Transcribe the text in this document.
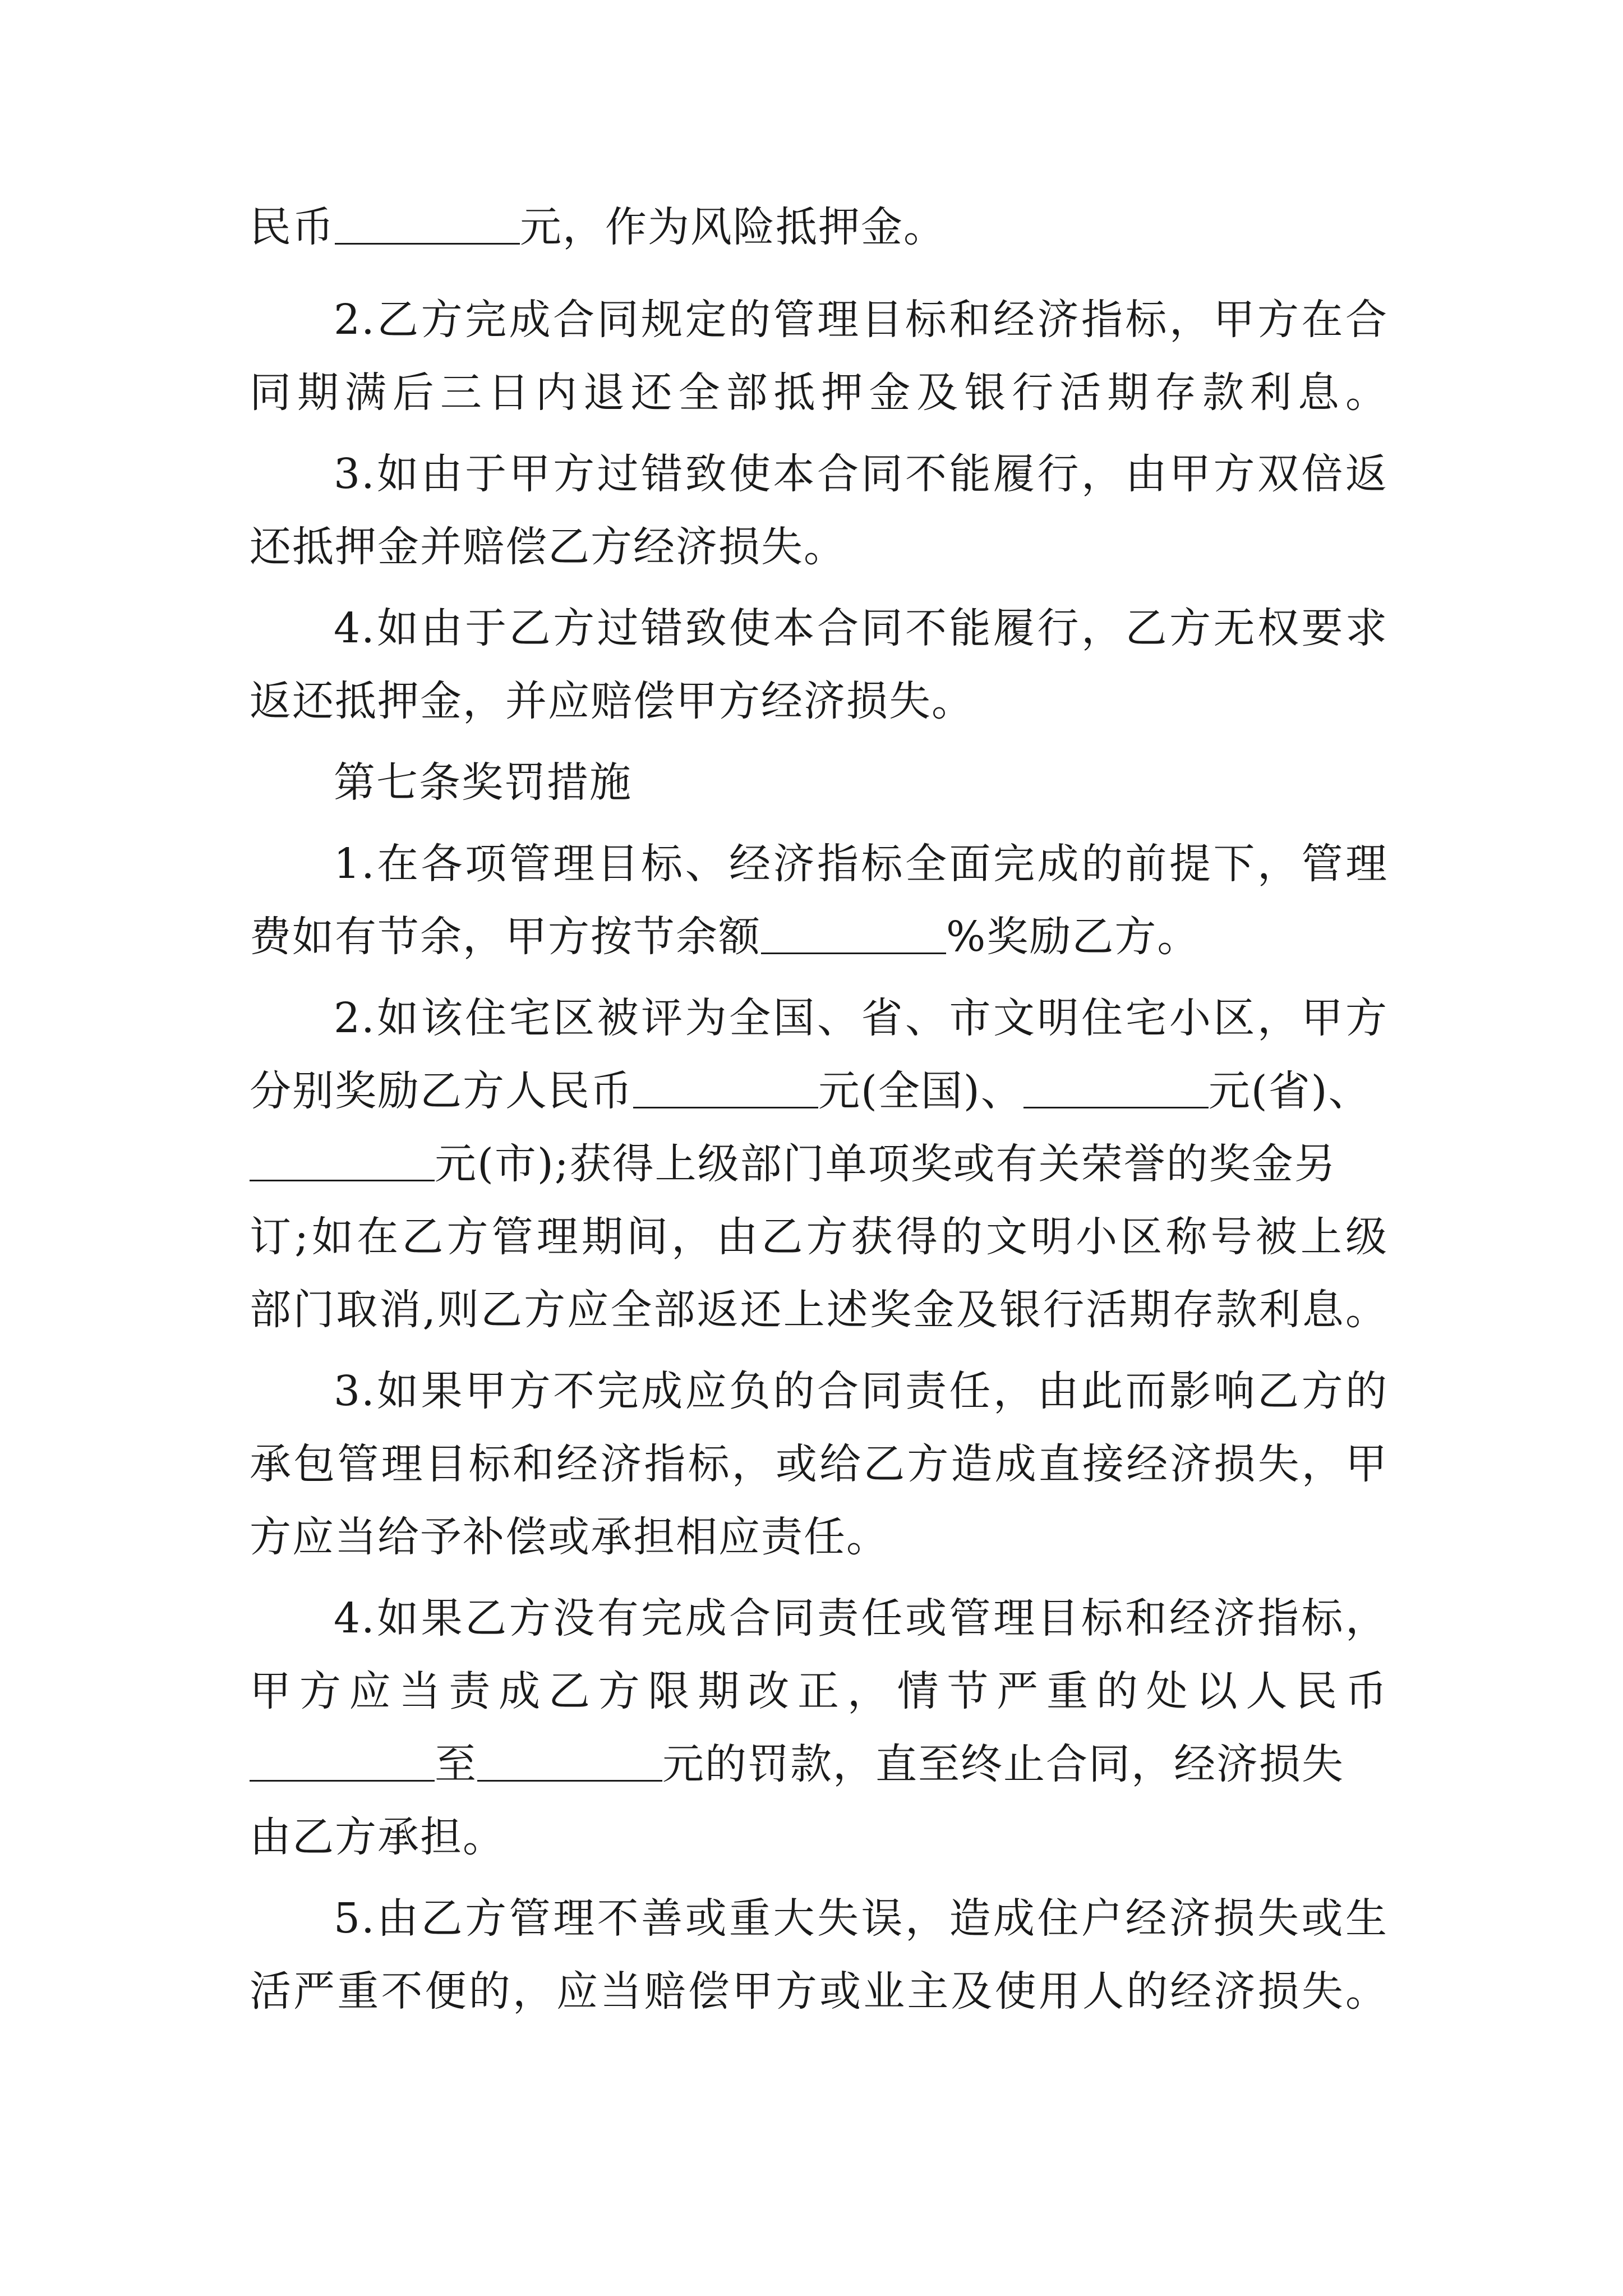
民币	元，作为风险抵押金。
2.乙方完成合同规定的管理目标和经济指标，甲方在合
同期满后三日内退还全部抵押金及银行活期存款利息。
3.如由于甲方过错致使本合同不能履行，由甲方双倍返
还抵押金并赔偿乙方经济损失。
4.如由于乙方过错致使本合同不能履行，乙方无权要求
返还抵押金，并应赔偿甲方经济损失。
第七条奖罚措施
1.在各项管理目标、经济指标全面完成的前提下，管理
费如有节余，甲方按节余额	%奖励乙方。
2.如该住宅区被评为全国、省、市文明住宅小区，甲方
分别奖励乙方人民币	元(全国)、	元(省)、
元(市);获得上级部门单项奖或有关荣誉的奖金另
订;如在乙方管理期间，由乙方获得的文明小区称号被上级
部门取消,则乙方应全部返还上述奖金及银行活期存款利息。
3.如果甲方不完成应负的合同责任，由此而影响乙方的
承包管理目标和经济指标，或给乙方造成直接经济损失，甲
方应当给予补偿或承担相应责任。
4.如果乙方没有完成合同责任或管理目标和经济指标，
甲方应当责成乙方限期改正，情节严重的处以人民币
至	元的罚款，直至终止合同，经济损失
由乙方承担。
5.由乙方管理不善或重大失误，造成住户经济损失或生
活严重不便的，应当赔偿甲方或业主及使用人的经济损失。
